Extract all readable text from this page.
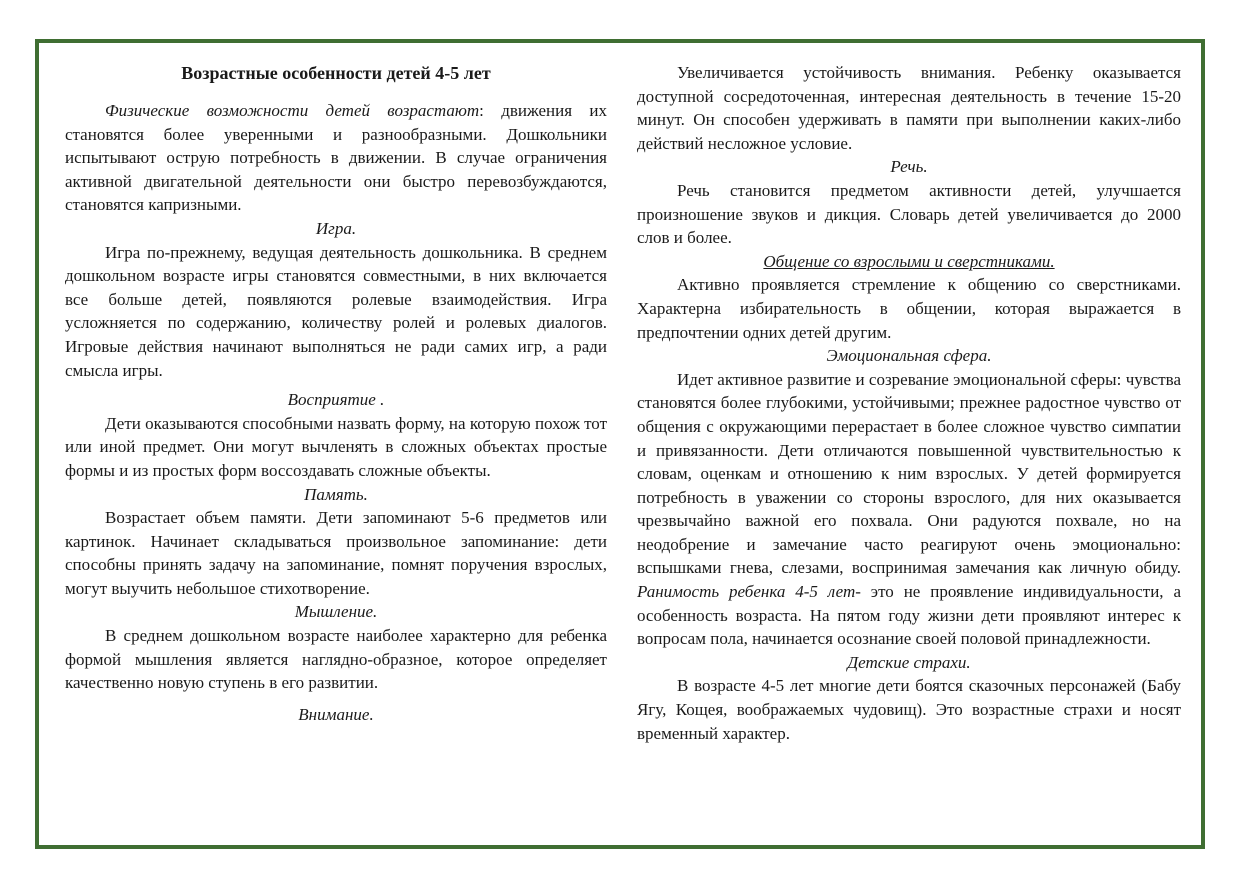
Возрастные особенности детей 4-5 лет

Физические возможности детей возрастают: движения их становятся более уверенными и разнообразными. Дошкольники испытывают острую потребность в движении. В случае ограничения активной двигательной деятельности они быстро перевозбуждаются, становятся капризными.

Игра.

Игра по-прежнему, ведущая деятельность дошкольника. В среднем дошкольном возрасте игры становятся совместными, в них включается все больше детей, появляются ролевые взаимодействия. Игра усложняется по содержанию, количеству ролей и ролевых диалогов. Игровые действия начинают выполняться не ради самих игр, а ради смысла игры.

Восприятие .

Дети оказываются способными назвать форму, на которую похож тот или иной предмет. Они могут вычленять в сложных объектах простые формы и из простых форм воссоздавать сложные объекты.

Память.

Возрастает объем памяти. Дети запоминают 5-6 предметов или картинок. Начинает складываться произвольное запоминание: дети способны принять задачу на запоминание, помнят поручения взрослых, могут выучить небольшое стихотворение.

Мышление.

В среднем дошкольном возрасте наиболее характерно для ребенка формой мышления является наглядно-образное, которое определяет качественно новую ступень в его развитии.

Внимание.

Увеличивается устойчивость внимания. Ребенку оказывается доступной сосредоточенная, интересная деятельность в течение 15-20 минут. Он способен удерживать в памяти при выполнении каких-либо действий несложное условие.

Речь.

Речь становится предметом активности детей, улучшается произношение звуков и дикция. Словарь детей увеличивается до 2000 слов и более.

Общение со взрослыми и сверстниками.

Активно проявляется стремление к общению со сверстниками. Характерна избирательность в общении, которая выражается в предпочтении одних детей другим.

Эмоциональная сфера.

Идет активное развитие и созревание эмоциональной сферы: чувства становятся более глубокими, устойчивыми; прежнее радостное чувство от общения с окружающими перерастает в более сложное чувство симпатии и привязанности. Дети отличаются повышенной чувствительностью к словам, оценкам и отношению к ним взрослых. У детей формируется потребность в уважении со стороны взрослого, для них оказывается чрезвычайно важной его похвала. Они радуются похвале, но на неодобрение и замечание часто реагируют очень эмоционально: вспышками гнева, слезами, воспринимая замечания как личную обиду. Ранимость ребенка 4-5 лет- это не проявление индивидуальности, а особенность возраста. На пятом году жизни дети проявляют интерес к вопросам пола, начинается осознание своей половой принадлежности.

Детские страхи.

В возрасте 4-5 лет многие дети боятся сказочных персонажей (Бабу Ягу, Кощея, воображаемых чудовищ). Это возрастные страхи и носят временный характер.
